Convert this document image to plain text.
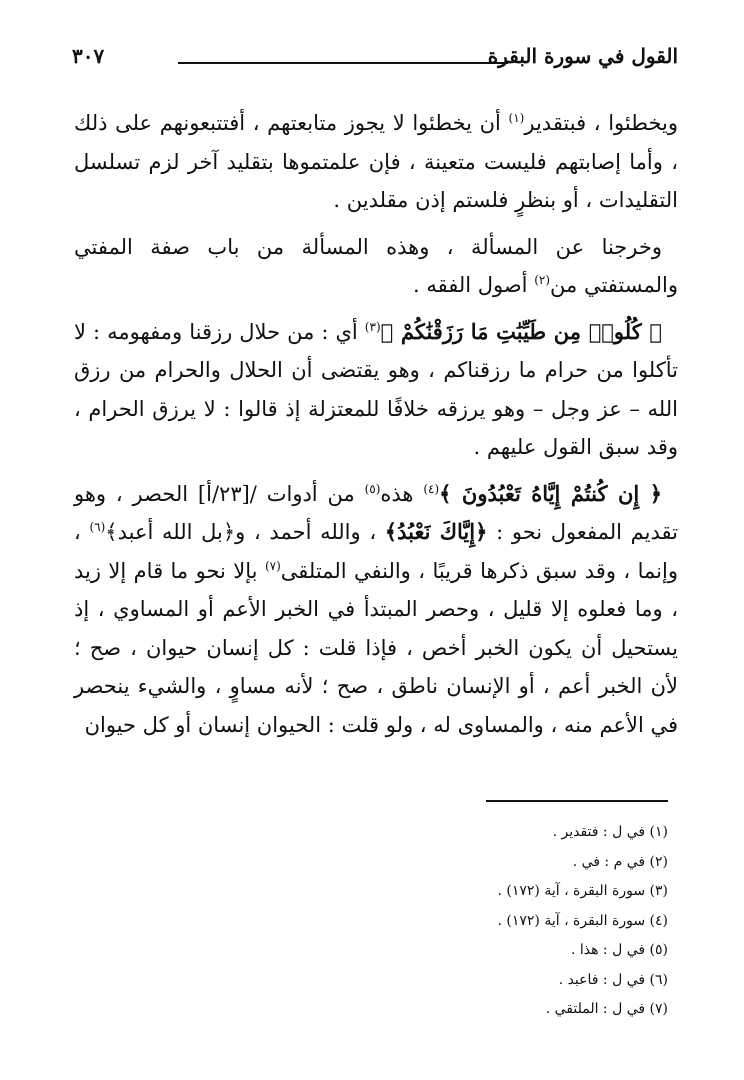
القول في سورة البقرة
٣٠٧

ويخطئوا ، فبتقدير$^{(١)}$ أن يخطئوا لا يجوز متابعتهم ، أفتتبعونهم على ذلك ، وأما إصابتهم فليست متعينة ، فإن علمتموها بتقليد آخر لزم تسلسل التقليدات ، أو بنظرٍ فلستم إذن مقلدين .

وخرجنا عن المسألة ، وهذه المسألة من باب صفة المفتي والمستفتي من$^{(٢)}$ أصول الفقه .

﴿ كُلُوا۟ مِن طَيِّبَٰتِ مَا رَزَقْنَٰكُمْ ﴾$^{(٣)}$ أي : من حلال رزقنا ومفهومه : لا تأكلوا من حرام ما رزقناكم ، وهو يقتضى أن الحلال والحرام من رزق الله – عز وجل – وهو يرزقه خلافًا للمعتزلة إذ قالوا : لا يرزق الحرام ، وقد سبق القول عليهم .

﴿ إِن كُنتُمْ إِيَّاهُ تَعْبُدُونَ ﴾$^{(٤)}$ هذه$^{(٥)}$ من أدوات /[٢٣/أ] الحصر ، وهو تقديم المفعول نحو : ﴿إِيَّاكَ نَعْبُدُ﴾ ، والله أحمد ، و﴿بل الله أعبد﴾$^{(٦)}$ ، وإنما ، وقد سبق ذكرها قريبًا ، والنفي المتلقى$^{(٧)}$ بإلا نحو ما قام إلا زيد ، وما فعلوه إلا قليل ، وحصر المبتدأ في الخبر الأعم أو المساوي ، إذ يستحيل أن يكون الخبر أخص ، فإذا قلت : كل إنسان حيوان ، صح ؛ لأن الخبر أعم ، أو الإنسان ناطق ، صح ؛ لأنه مساوٍ ، والشيء ينحصر في الأعم منه ، والمساوى له ، ولو قلت : الحيوان إنسان أو كل حيوان

(١) في ل : فتقدير .
(٢) في م : في .
(٣) سورة البقرة ، آية (١٧٢) .
(٤) سورة البقرة ، آية (١٧٢) .
(٥) في ل : هذا .
(٦) في ل : فاعبد .
(٧) في ل : الملتقي .
